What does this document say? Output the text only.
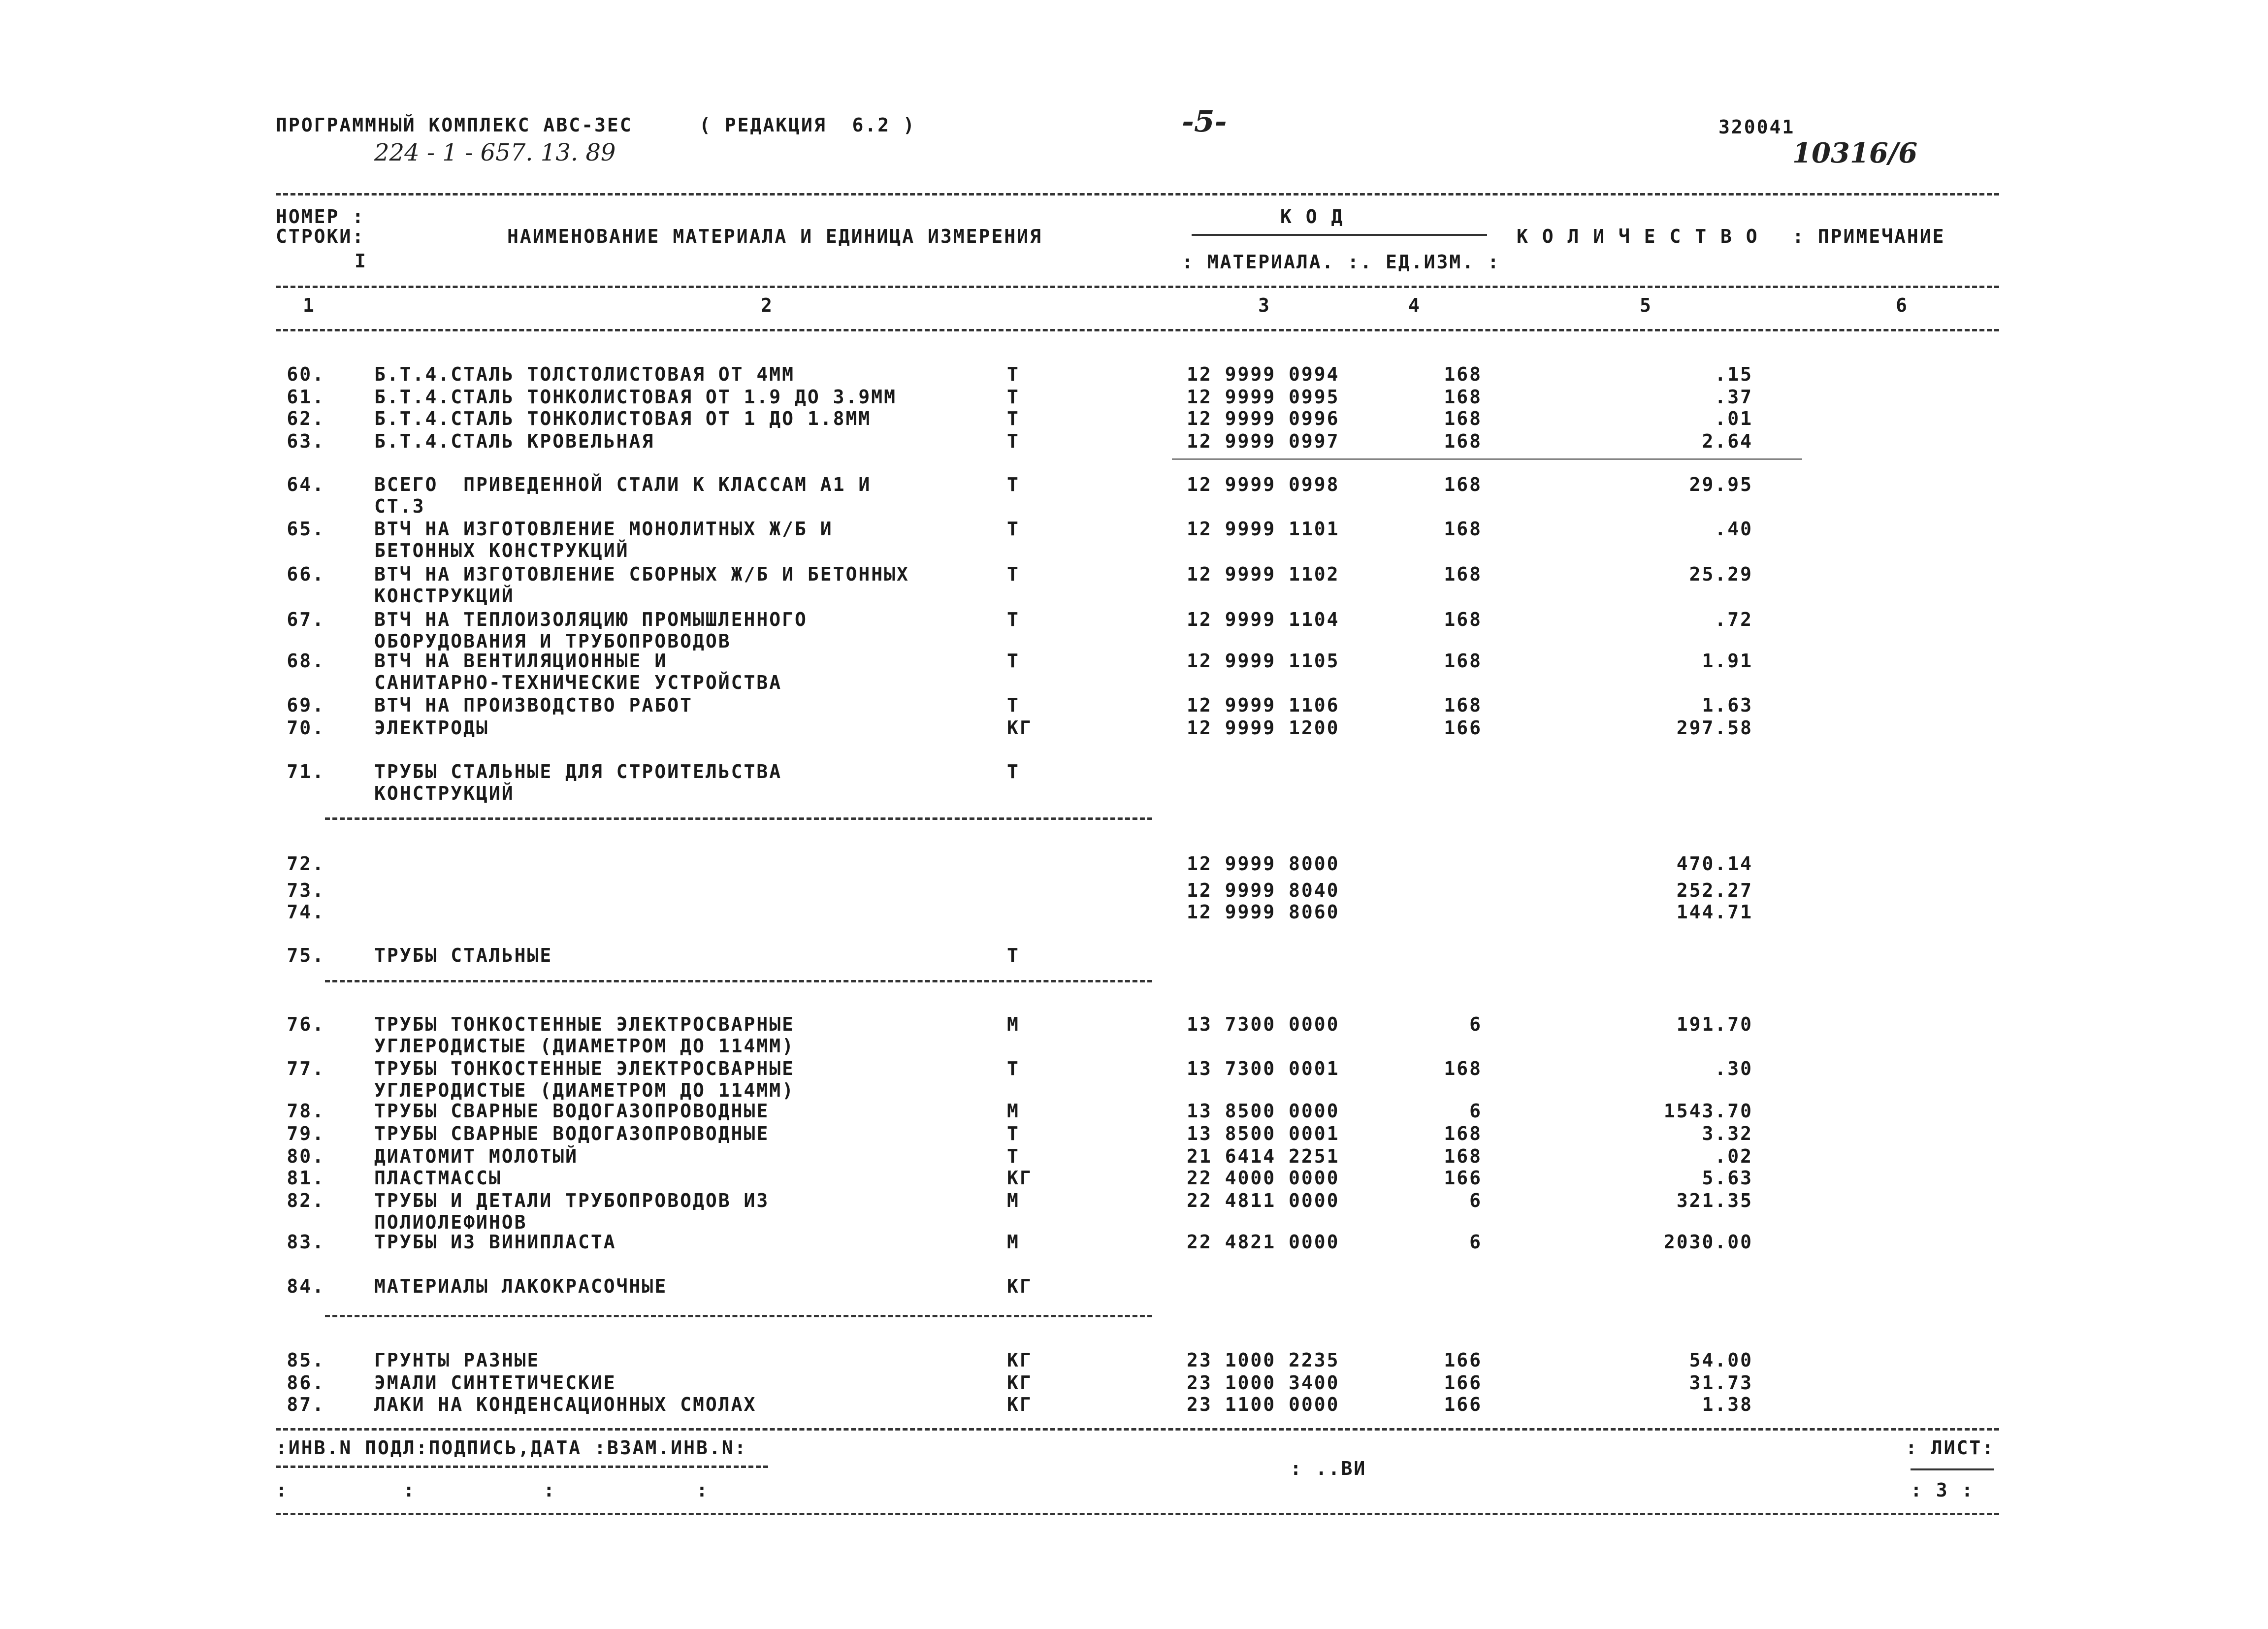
ПРОГРАММНЫЙ КОМПЛЕКС АВС-ЗЕС	( РЕДАКЦИЯ  6.2 )	-5-	320041
224 - 1 - 657. 13. 89	10316/6
НОМЕР :
СТРОКИ:
I
НАИМЕНОВАНИЕ МАТЕРИАЛА И ЕДИНИЦА ИЗМЕРЕНИЯ
К О Д
: МАТЕРИАЛА. :. ЕД.ИЗМ. :
К О Л И Ч Е С Т В О : ПРИМЕЧАНИЕ
1	2	3	4	5	6
60.	Б.Т.4.СТАЛЬ ТОЛСТОЛИСТОВАЯ ОТ 4ММ	Т	12 9999 0994	168	.15
61.	Б.Т.4.СТАЛЬ ТОНКОЛИСТОВАЯ ОТ 1.9 ДО 3.9ММ	Т	12 9999 0995	168	.37
62.	Б.Т.4.СТАЛЬ ТОНКОЛИСТОВАЯ ОТ 1 ДО 1.8ММ	Т	12 9999 0996	168	.01
63.	Б.Т.4.СТАЛЬ КРОВЕЛЬНАЯ	Т	12 9999 0997	168	2.64
64.	ВСЕГО  ПРИВЕДЕННОЙ СТАЛИ К КЛАССАМ А1 И
СТ.3
Т	12 9999 0998	168	29.95
65.	ВТЧ НА ИЗГОТОВЛЕНИЕ МОНОЛИТНЫХ Ж/Б И
БЕТОННЫХ КОНСТРУКЦИЙ
Т	12 9999 1101	168	.40
66.	ВТЧ НА ИЗГОТОВЛЕНИЕ СБОРНЫХ Ж/Б И БЕТОННЫХ
КОНСТРУКЦИЙ
Т	12 9999 1102	168	25.29
67.	ВТЧ НА ТЕПЛОИЗОЛЯЦИЮ ПРОМЫШЛЕННОГО
ОБОРУДОВАНИЯ И ТРУБОПРОВОДОВ
Т	12 9999 1104	168	.72
68.	ВТЧ НА ВЕНТИЛЯЦИОННЫЕ И
САНИТАРНО-ТЕХНИЧЕСКИЕ УСТРОЙСТВА
Т	12 9999 1105	168	1.91
69.	ВТЧ НА ПРОИЗВОДСТВО РАБОТ	Т	12 9999 1106	168	1.63
70.	ЭЛЕКТРОДЫ	КГ	12 9999 1200	166	297.58
71.	ТРУБЫ СТАЛЬНЫЕ ДЛЯ СТРОИТЕЛЬСТВА
КОНСТРУКЦИЙ
Т
72.	12 9999 8000	470.14
73.	12 9999 8040	252.27
74.	12 9999 8060	144.71
75.	ТРУБЫ СТАЛЬНЫЕ	Т
76.	ТРУБЫ ТОНКОСТЕННЫЕ ЭЛЕКТРОСВАРНЫЕ
УГЛЕРОДИСТЫЕ (ДИАМЕТРОМ ДО 114ММ)
М	13 7300 0000	6	191.70
77.	ТРУБЫ ТОНКОСТЕННЫЕ ЭЛЕКТРОСВАРНЫЕ
УГЛЕРОДИСТЫЕ (ДИАМЕТРОМ ДО 114ММ)
Т	13 7300 0001	168	.30
78.	ТРУБЫ СВАРНЫЕ ВОДОГАЗОПРОВОДНЫЕ	М	13 8500 0000	6	1543.70
79.	ТРУБЫ СВАРНЫЕ ВОДОГАЗОПРОВОДНЫЕ	Т	13 8500 0001	168	3.32
80.	ДИАТОМИТ МОЛОТЫЙ	Т	21 6414 2251	168	.02
81.	ПЛАСТМАССЫ	КГ	22 4000 0000	166	5.63
82.	ТРУБЫ И ДЕТАЛИ ТРУБОПРОВОДОВ ИЗ
ПОЛИОЛЕФИНОВ
М	22 4811 0000	6	321.35
83.	ТРУБЫ ИЗ ВИНИПЛАСТА	М	22 4821 0000	6	2030.00
84.	МАТЕРИАЛЫ ЛАКОКРАСОЧНЫЕ	КГ
85.	ГРУНТЫ РАЗНЫЕ	КГ	23 1000 2235	166	54.00
86.	ЭМАЛИ СИНТЕТИЧЕСКИЕ	КГ	23 1000 3400	166	31.73
87.	ЛАКИ НА КОНДЕНСАЦИОННЫХ СМОЛАХ	КГ	23 1100 0000	166	1.38
:ИНВ.N ПОДЛ:ПОДПИСЬ,ДАТА :ВЗАМ.ИНВ.N:
:         :          :           :
: ..ВИ
: ЛИСТ:
: 3 :
